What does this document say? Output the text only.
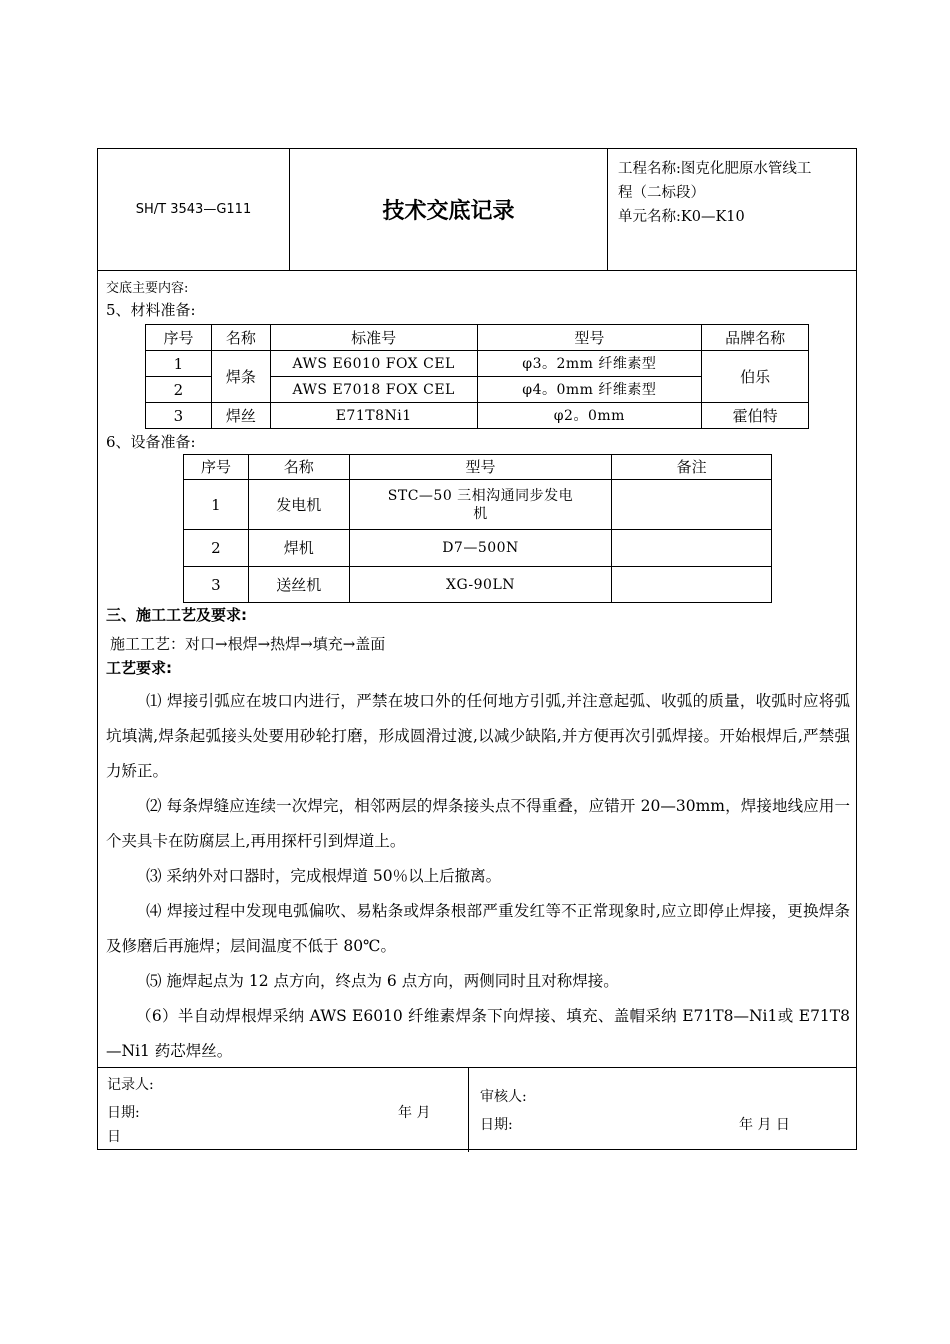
SH/T 3543—G111	技术交底记录
工程名称:图克化肥原水管线工
程（二标段）
单元名称:K0—K10
交底主要内容:
5、材料准备:
序号	名称	标准号	型号	品牌名称
1	焊条	AWS E6010 FOX CEL	φ3。2mm 纤维素型	伯乐
2		AWS E7018 FOX CEL	φ4。0mm 纤维素型	
3	焊丝	E71T8Ni1	φ2。0mm	霍伯特
6、设备准备:
序号	名称	型号	备注
1	发电机	STC—50 三相沟通同步发电
机	

2	焊机	D7—500N	
3	送丝机	XG-90LN	
三、施工工艺及要求:
施工工艺：对口→根焊→热焊→填充→盖面
工艺要求:
⑴ 焊接引弧应在坡口内进行，严禁在坡口外的任何地方引弧,并注意起弧、收弧的质量，收弧时应将弧坑填满,焊条起弧接头处要用砂轮打磨，形成圆滑过渡,以减少缺陷,并方便再次引弧焊接。开始根焊后,严禁强力矫正。
⑵ 每条焊缝应连续一次焊完，相邻两层的焊条接头点不得重叠，应错开 20—30mm，焊接地线应用一个夹具卡在防腐层上,再用探杆引到焊道上。
⑶ 采纳外对口器时，完成根焊道 50％以上后撤离。
⑷ 焊接过程中发现电弧偏吹、易粘条或焊条根部严重发红等不正常现象时,应立即停止焊接，更换焊条及修磨后再施焊；层间温度不低于 80℃。
⑸ 施焊起点为 12 点方向，终点为 6 点方向，两侧同时且对称焊接。
（6）半自动焊根焊采纳 AWS E6010 纤维素焊条下向焊接、填充、盖帽采纳 E71T8—Ni1或 E71T8—Ni1 药芯焊丝。
记录人:
日期:	年 月
日
审核人:
日期:	年 月 日
